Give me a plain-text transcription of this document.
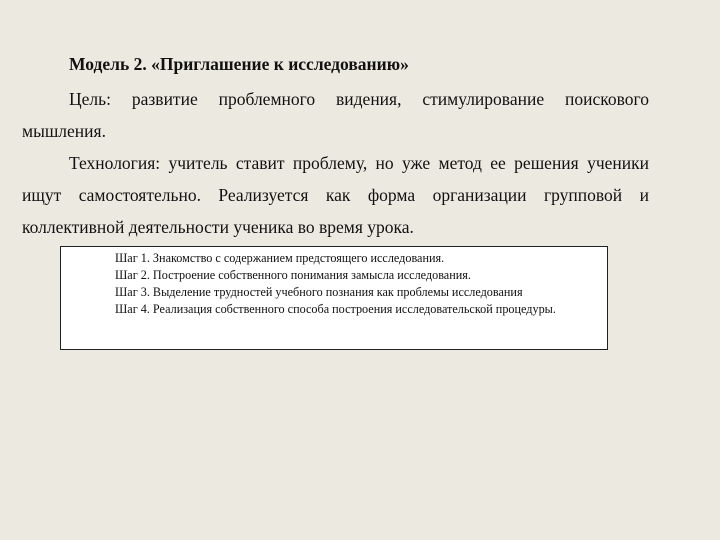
Модель 2. «Приглашение к исследованию»

Цель: развитие проблемного видения, стимулирование поискового мышления.

Технология: учитель ставит проблему, но уже метод ее решения ученики ищут самостоятельно. Реализуется как форма организации групповой и коллективной деятельности ученика во время урока.

Шаг 1. Знакомство с содержанием предстоящего исследования.

Шаг 2. Построение собственного понимания замысла исследования.

Шаг 3. Выделение трудностей учебного познания как проблемы исследования

Шаг 4. Реализация собственного способа построения исследовательской процедуры.
